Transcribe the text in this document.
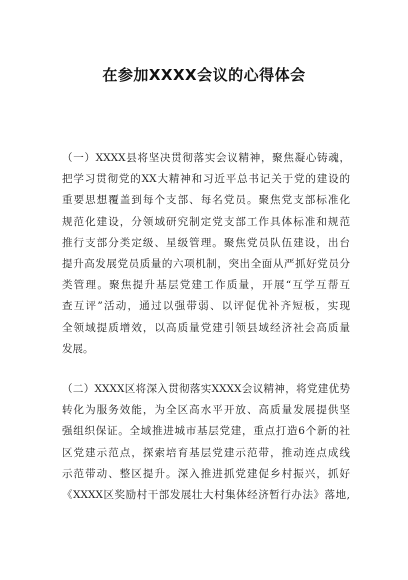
在参加XXXX会议的心得体会
（一）XXXX县将坚决贯彻落实会议精神，聚焦凝心铸魂，
把学习贯彻党的XX大精神和习近平总书记关于党的建设的
重要思想覆盖到每个支部、每名党员。聚焦党支部标准化
规范化建设，分领域研究制定党支部工作具体标准和规范
推行支部分类定级、星级管理。聚焦党员队伍建设，出台
提升高发展党员质量的六项机制，突出全面从严抓好党员分
类管理。聚焦提升基层党建工作质量，开展“互学互帮互
查互评”活动，通过以强带弱、以评促优补齐短板，实现
全领域提质增效，以高质量党建引领县域经济社会高质量
发展。
（二）XXXX区将深入贯彻落实XXXX会议精神，将党建优势
转化为服务效能，为全区高水平开放、高质量发展提供坚
强组织保证。全域推进城市基层党建，重点打造6个新的社
区党建示范点，探索培育基层党建示范带，推动连点成线
示范带动、整区提升。深入推进抓党建促乡村振兴，抓好
《XXXX区奖励村干部发展壮大村集体经济暂行办法》落地,
